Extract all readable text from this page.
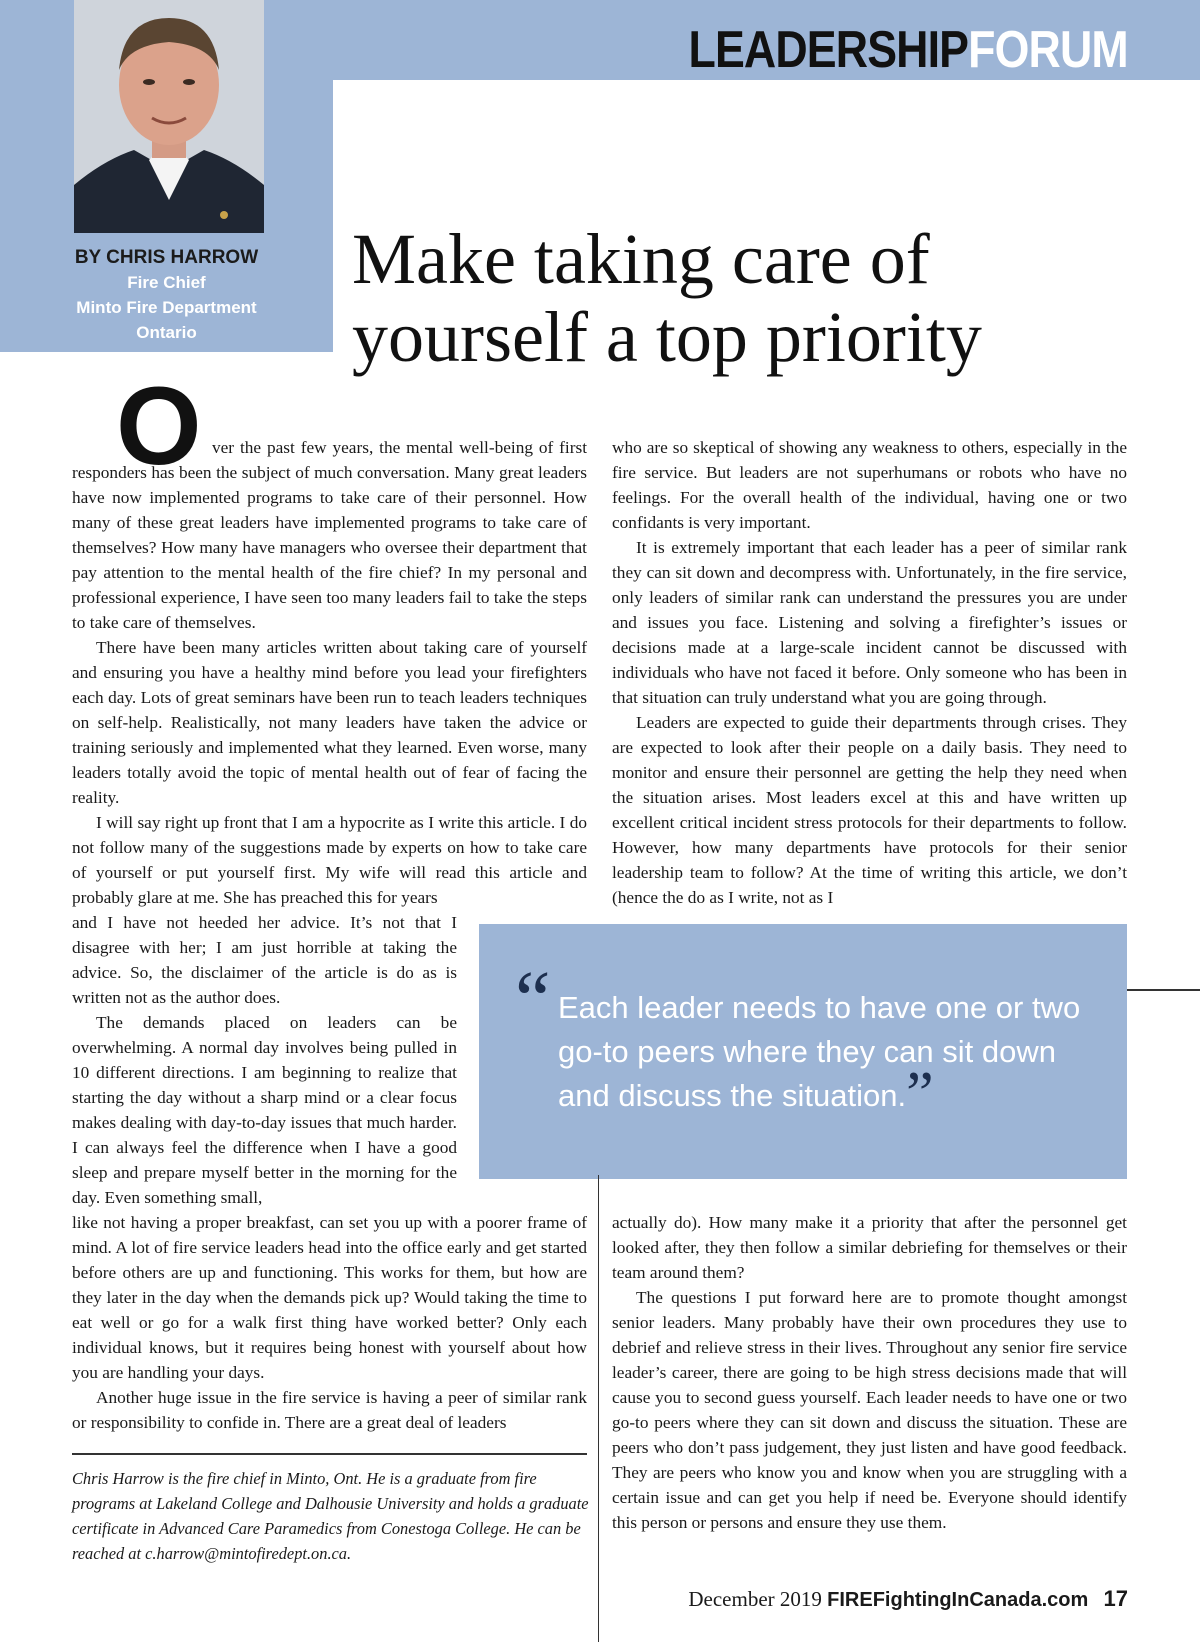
BY CHRIS HARROW
Fire Chief
Minto Fire Department
Ontario
LEADERSHIPFORUM
Make taking care of
yourself a top priority
O ver the past few years, the mental well-being of first responders has been the subject of much conversation. Many great leaders have now implemented programs to take care of their personnel. How many of these great leaders have implemented programs to take care of themselves? How many have managers who oversee their department that pay attention to the mental health of the fire chief? In my personal and professional experience, I have seen too many leaders fail to take the steps to take care of themselves.

There have been many articles written about taking care of yourself and ensuring you have a healthy mind before you lead your firefighters each day. Lots of great seminars have been run to teach leaders techniques on self-help. Realistically, not many leaders have taken the advice or training seriously and implemented what they learned. Even worse, many leaders totally avoid the topic of mental health out of fear of facing the reality.

I will say right up front that I am a hypocrite as I write this article. I do not follow many of the suggestions made by experts on how to take care of yourself or put yourself first. My wife will read this article and probably glare at me. She has preached this for years

and I have not heeded her advice. It’s not that I disagree with her; I am just horrible at taking the advice. So, the disclaimer of the article is do as is written not as the author does.

The demands placed on leaders can be overwhelming. A normal day involves being pulled in 10 different directions. I am beginning to realize that starting the day without a sharp mind or a clear focus makes dealing with day-to-day issues that much harder. I can always feel the difference when I have a good sleep and prepare myself better in the morning for the day. Even something small,

like not having a proper breakfast, can set you up with a poorer frame of mind. A lot of fire service leaders head into the office early and get started before others are up and functioning. This works for them, but how are they later in the day when the demands pick up? Would taking the time to eat well or go for a walk first thing have worked better? Only each individual knows, but it requires being honest with yourself about how you are handling your days.

Another huge issue in the fire service is having a peer of similar rank or responsibility to confide in. There are a great deal of leaders

who are so skeptical of showing any weakness to others, especially in the fire service. But leaders are not superhumans or robots who have no feelings. For the overall health of the individual, having one or two confidants is very important.

It is extremely important that each leader has a peer of similar rank they can sit down and decompress with. Unfortunately, in the fire service, only leaders of similar rank can understand the pressures you are under and issues you face. Listening and solving a firefighter’s issues or decisions made at a large-scale incident cannot be discussed with individuals who have not faced it before. Only someone who has been in that situation can truly understand what you are going through.

Leaders are expected to guide their departments through crises. They are expected to look after their people on a daily basis. They need to monitor and ensure their personnel are getting the help they need when the situation arises. Most leaders excel at this and have written up excellent critical incident stress protocols for their departments to follow. However, how many departments have protocols for their senior leadership team to follow? At the time of writing this article, we don’t (hence the do as I write, not as I

“ Each leader needs to have one or two go-to peers where they can sit down and discuss the situation.”

actually do). How many make it a priority that after the personnel get looked after, they then follow a similar debriefing for themselves or their team around them?

The questions I put forward here are to promote thought amongst senior leaders. Many probably have their own procedures they use to debrief and relieve stress in their lives. Throughout any senior fire service leader’s career, there are going to be high stress decisions made that will cause you to second guess yourself. Each leader needs to have one or two go-to peers where they can sit down and discuss the situation. These are peers who don’t pass judgement, they just listen and have good feedback. They are peers who know you and know when you are struggling with a certain issue and can get you help if need be. Everyone should identify this person or persons and ensure they use them.

Chris Harrow is the fire chief in Minto, Ont. He is a graduate from fire programs at Lakeland College and Dalhousie University and holds a graduate certificate in Advanced Care Paramedics from Conestoga College. He can be reached at c.harrow@mintofiredept.on.ca.

December 2019 FIREFightingInCanada.com 17
